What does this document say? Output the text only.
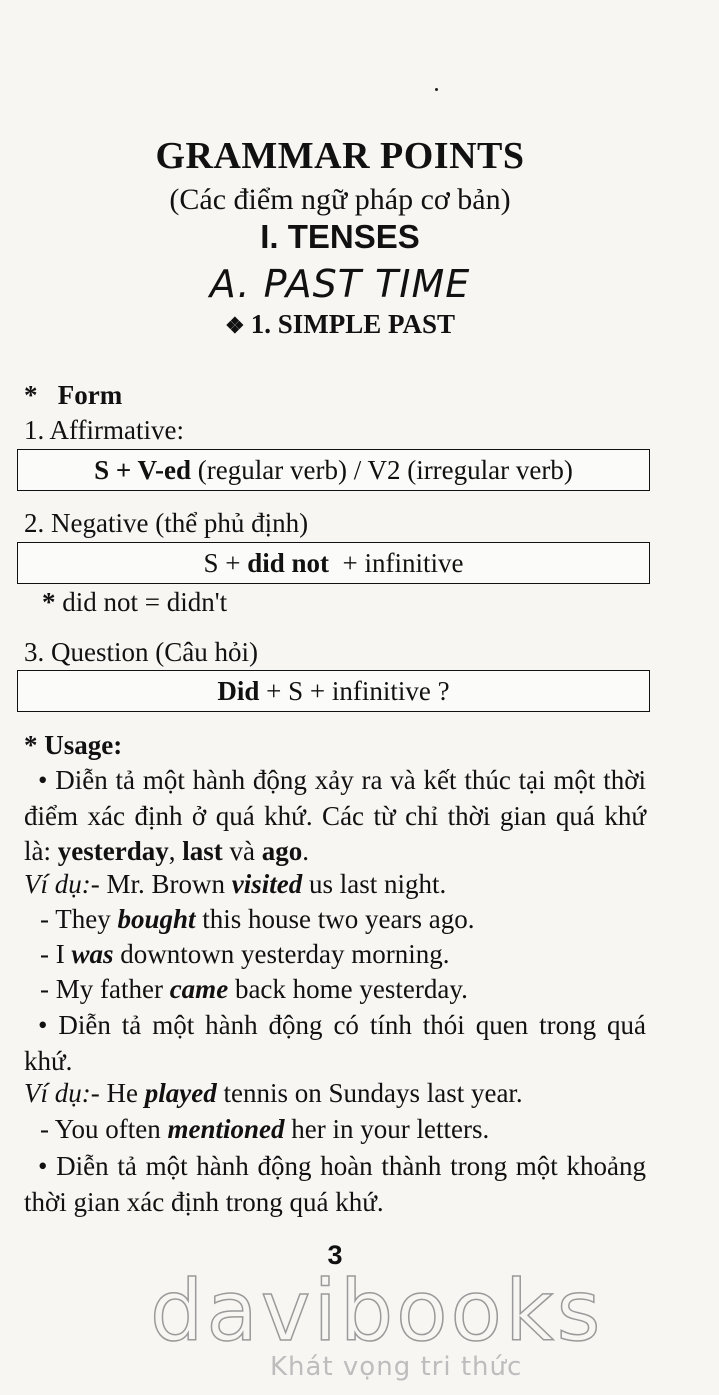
GRAMMAR POINTS
(Các điểm ngữ pháp cơ bản)
I. TENSES
A. PAST TIME
❖ 1. SIMPLE PAST
* Form
1. Affirmative:
S + V-ed (regular verb) / V2 (irregular verb)
2. Negative (thể phủ định)
S + did not  + infinitive
* did not = didn't
3. Question (Câu hỏi)
Did + S + infinitive ?
* Usage:
• Diễn tả một hành động xảy ra và kết thúc tại một thời điểm xác định ở quá khứ. Các từ chỉ thời gian quá khứ là: yesterday, last và ago.
Ví dụ:- Mr. Brown visited us last night.
- They bought this house two years ago.
- I was downtown yesterday morning.
- My father came back home yesterday.
• Diễn tả một hành động có tính thói quen trong quá khứ.
Ví dụ:- He played tennis on Sundays last year.
- You often mentioned her in your letters.
• Diễn tả một hành động hoàn thành trong một khoảng thời gian xác định trong quá khứ.
3
davibooks
Khát vọng tri thức
